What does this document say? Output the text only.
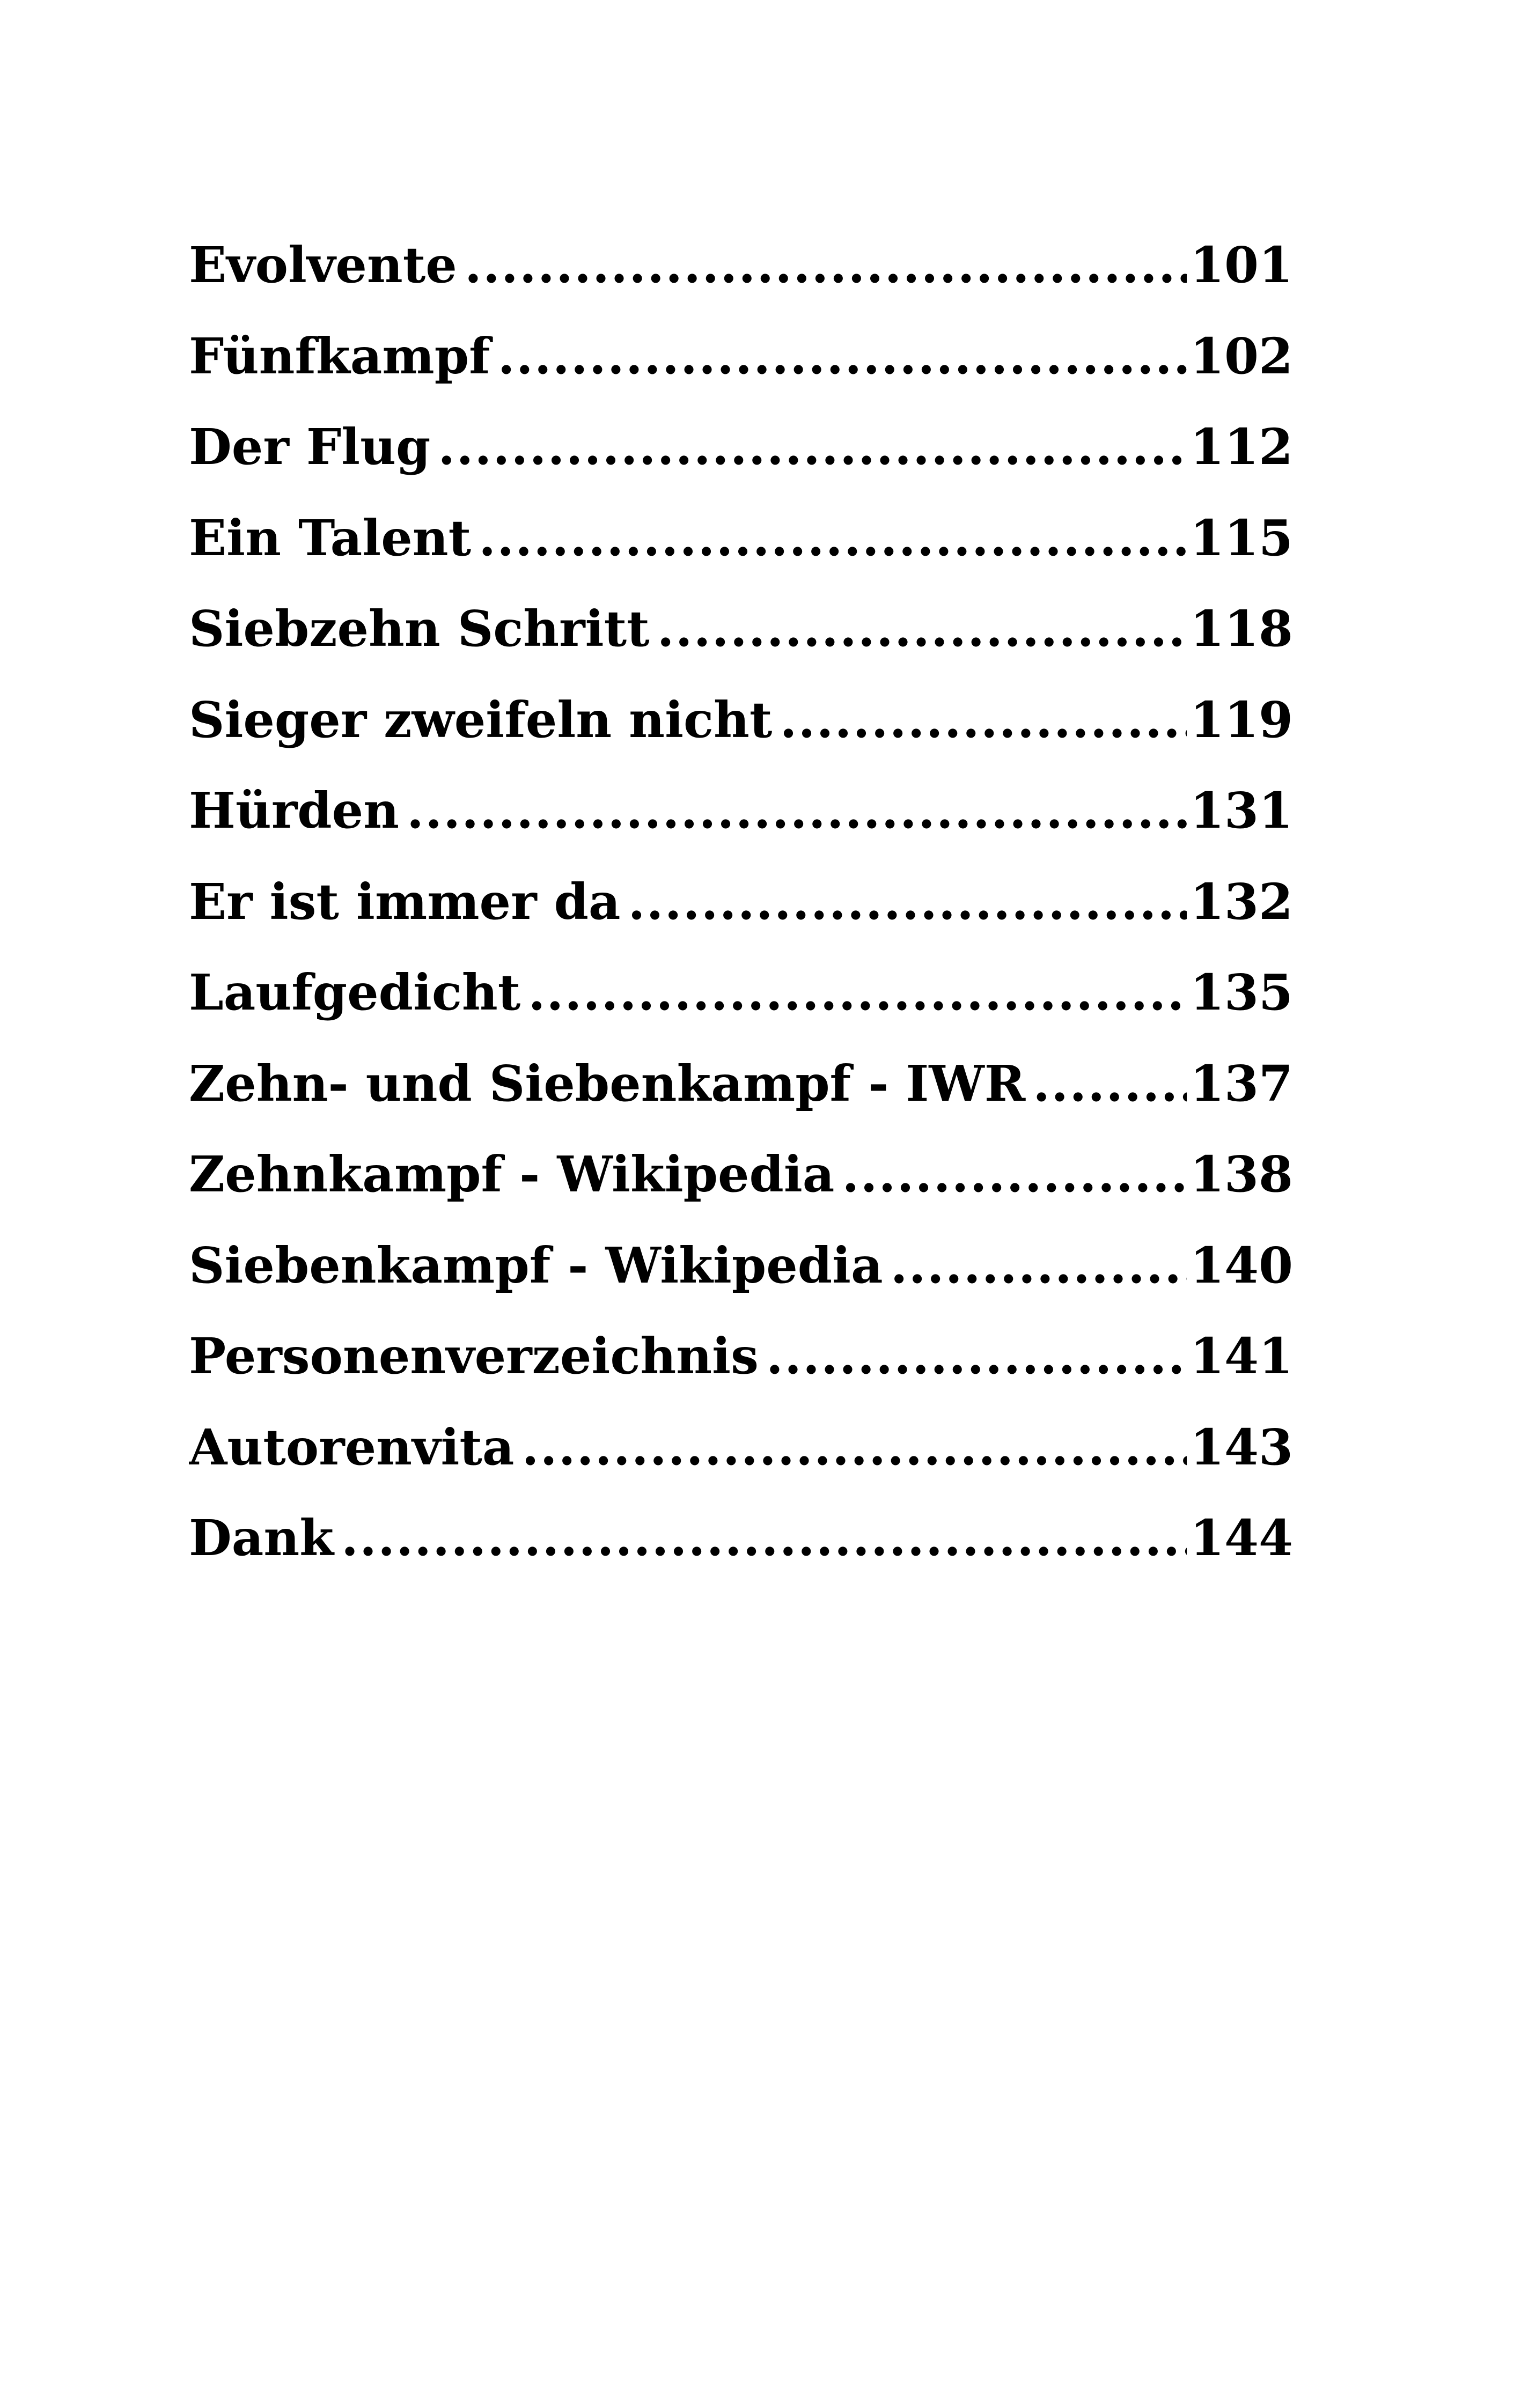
Evolvente .....	101
Fünfkampf .....	102
Der Flug .....	112
Ein Talent .....	115
Siebzehn Schritt .....	118
Sieger zweifeln nicht .....	119
Hürden .....	131
Er ist immer da .....	132
Laufgedicht .....	135
Zehn- und Siebenkampf - IWR .....	137
Zehnkampf - Wikipedia .....	138
Siebenkampf - Wikipedia .....	140
Personenverzeichnis .....	141
Autorenvita .....	143
Dank .....	144
